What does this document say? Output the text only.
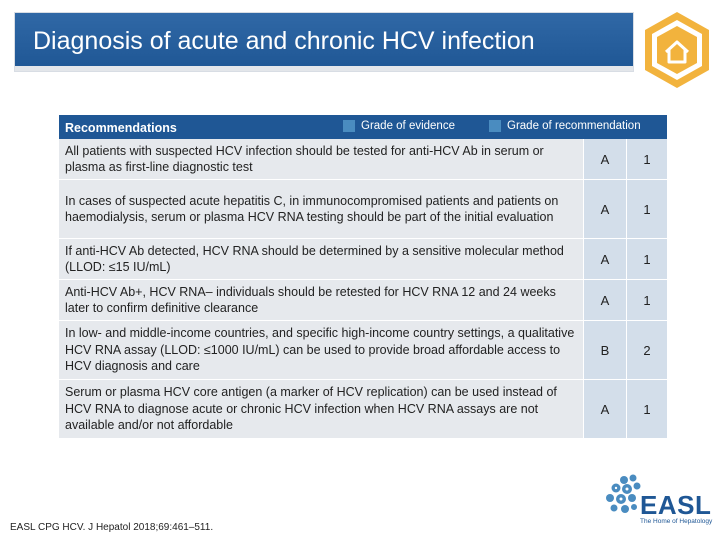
Diagnosis of acute and chronic HCV infection
Recommendations	Grade of evidence	Grade of recommendation
All patients with suspected HCV infection should be tested for anti-HCV Ab in serum or plasma as first-line diagnostic test
A	1
In cases of suspected acute hepatitis C, in immunocompromised patients and patients on haemodialysis, serum or plasma HCV RNA testing should be part of the initial evaluation
A	1
If anti-HCV Ab detected, HCV RNA should be determined by a sensitive molecular method (LLOD: ≤15 IU/mL)
A	1
Anti-HCV Ab+, HCV RNA– individuals should be retested for HCV RNA 12 and 24 weeks later to confirm definitive clearance
A	1
In low- and middle-income countries, and specific high-income country settings, a qualitative HCV RNA assay (LLOD: ≤1000 IU/mL) can be used to provide broad affordable access to HCV diagnosis and care
B	2
Serum or plasma HCV core antigen (a marker of HCV replication) can be used instead of HCV RNA to diagnose acute or chronic HCV infection when HCV RNA assays are not available and/or not affordable
A	1
EASL CPG HCV. J Hepatol 2018;69:461–511.
EASL
The Home of Hepatology
